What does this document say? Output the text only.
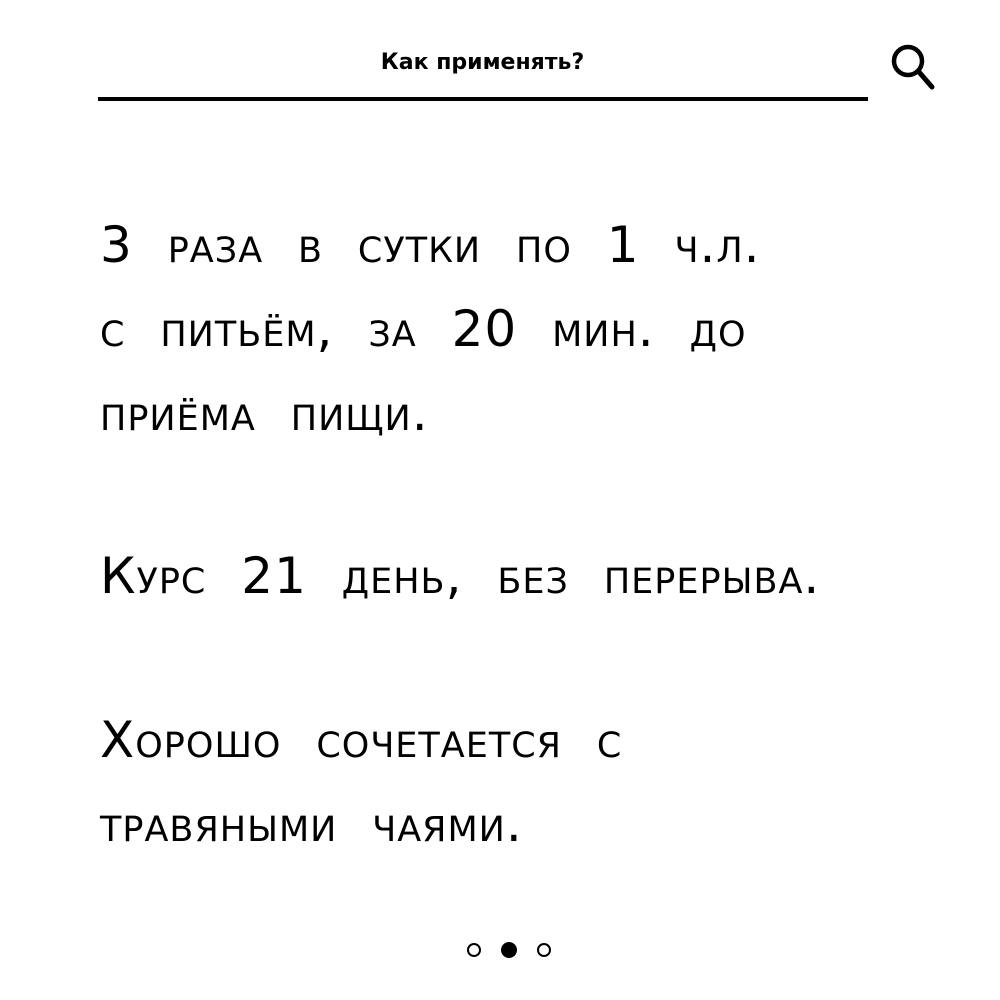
Как применять?

3 раза в сутки по 1 ч.л.
с питьём, за 20 мин. до
приёма пищи.

Курс 21 день, без перерыва.

Хорошо сочетается с
травяными чаями.
